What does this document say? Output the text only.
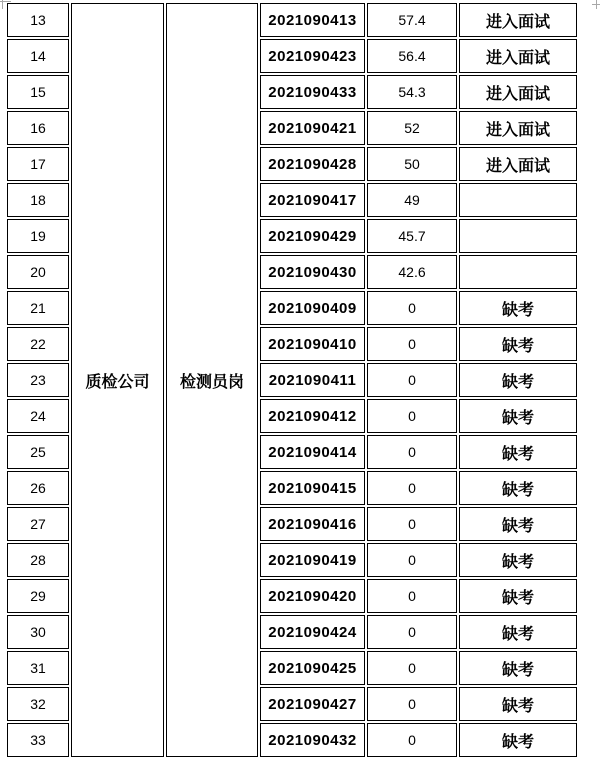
13	质检公司	检测员岗	2021090413	57.4	进入面试
14			2021090423	56.4	进入面试
15			2021090433	54.3	进入面试
16			2021090421	52	进入面试
17			2021090428	50	进入面试
18			2021090417	49	
19			2021090429	45.7	
20			2021090430	42.6	
21			2021090409	0	缺考
22			2021090410	0	缺考
23			2021090411	0	缺考
24			2021090412	0	缺考
25			2021090414	0	缺考
26			2021090415	0	缺考
27			2021090416	0	缺考
28			2021090419	0	缺考
29			2021090420	0	缺考
30			2021090424	0	缺考
31			2021090425	0	缺考
32			2021090427	0	缺考
33			2021090432	0	缺考
